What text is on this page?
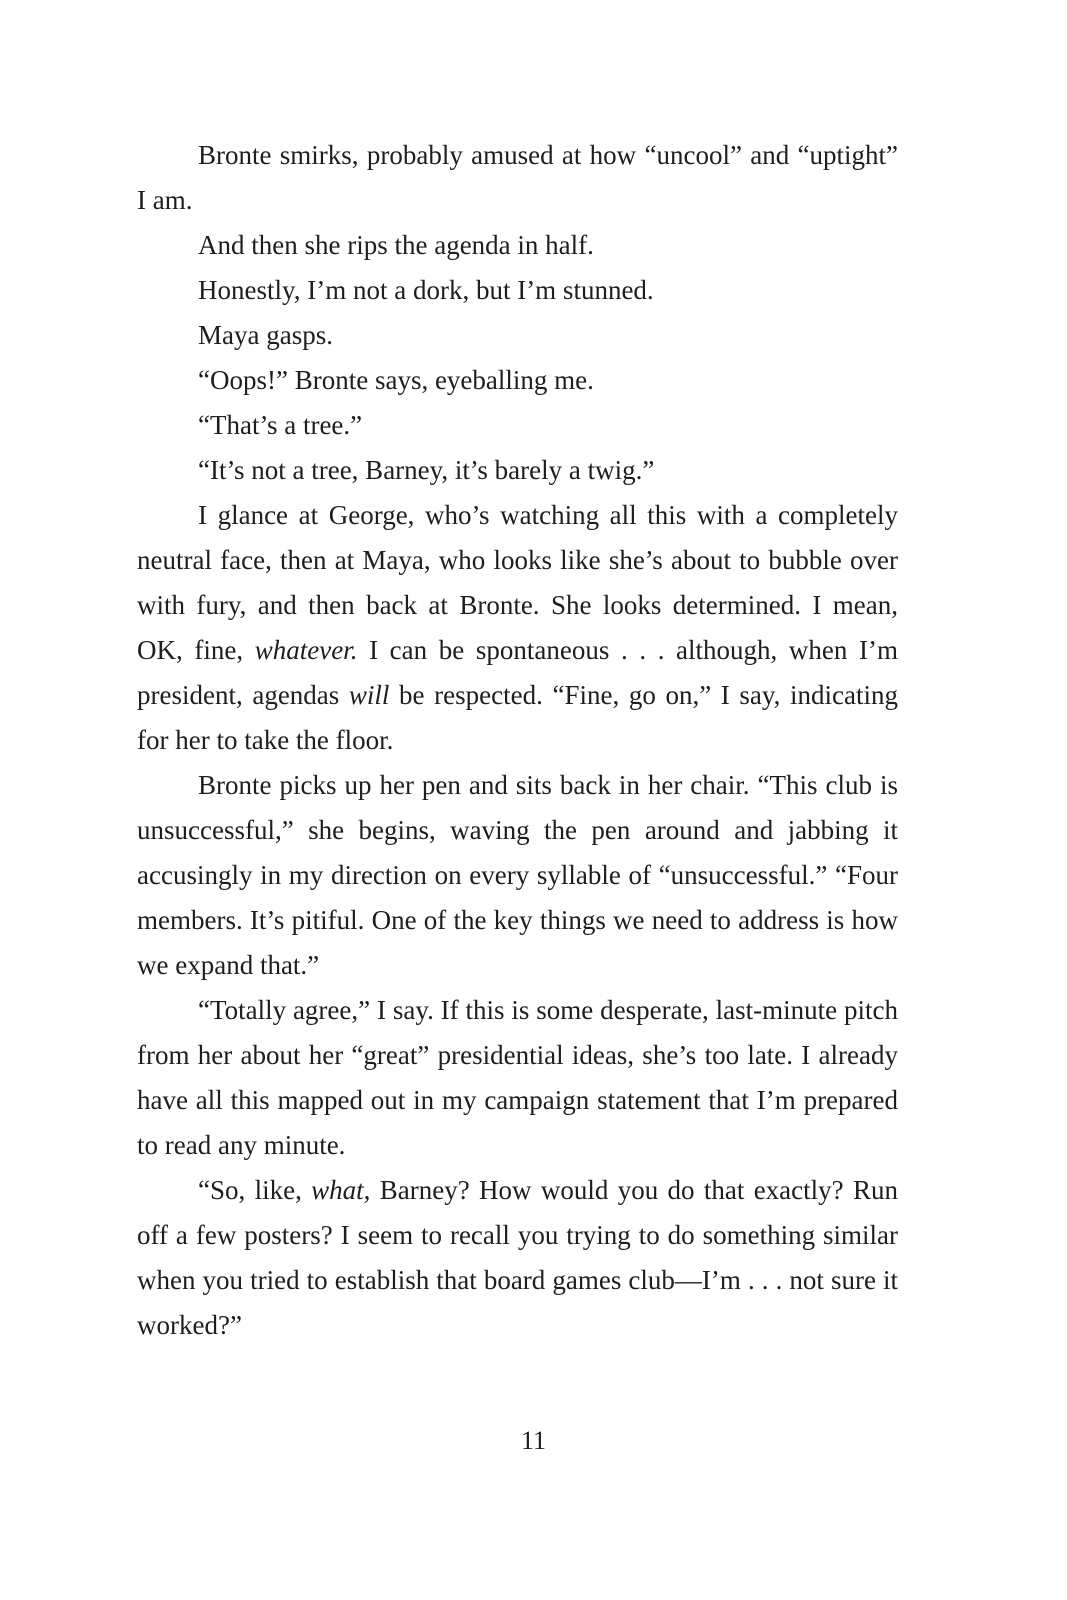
Bronte smirks, probably amused at how “uncool” and “uptight” I am.

And then she rips the agenda in half.

Honestly, I’m not a dork, but I’m stunned.

Maya gasps.

“Oops!” Bronte says, eyeballing me.

“That’s a tree.”

“It’s not a tree, Barney, it’s barely a twig.”

I glance at George, who’s watching all this with a completely neutral face, then at Maya, who looks like she’s about to bubble over with fury, and then back at Bronte. She looks determined. I mean, OK, fine, whatever. I can be spontaneous . . . although, when I’m president, agendas will be respected. “Fine, go on,” I say, indicating for her to take the floor.

Bronte picks up her pen and sits back in her chair. “This club is unsuccessful,” she begins, waving the pen around and jabbing it accusingly in my direction on every syllable of “unsuccessful.” “Four members. It’s pitiful. One of the key things we need to address is how we expand that.”

“Totally agree,” I say. If this is some desperate, last-minute pitch from her about her “great” presidential ideas, she’s too late. I already have all this mapped out in my campaign statement that I’m prepared to read any minute.

“So, like, what, Barney? How would you do that exactly? Run off a few posters? I seem to recall you trying to do something similar when you tried to establish that board games club—I’m . . . not sure it worked?”

11
